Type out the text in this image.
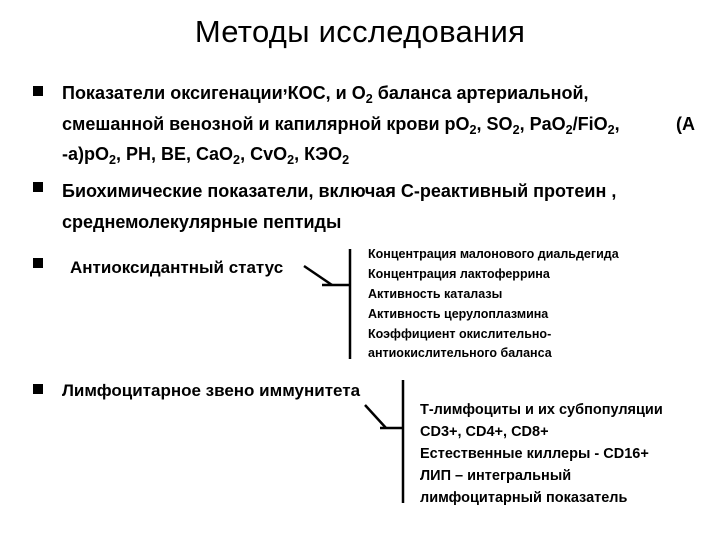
Методы исследования
Показатели оксигенации,КОС, и $О_2$ баланса артериальной,
смешанной венозной и капилярной крови $pO_2$, $SO_2$, PaO$_2$/FiO$_2$,	(A
$-a)pO_2$, PH, BE, CaO$_2$, CvO$_2$, $КЭО_2$
Биохимические показатели, включая С-реактивный протеин ,
среднемолекулярные пептиды
Антиоксидантный статус
Концентрация малонового диальдегида
Концентрация лактоферрина
Активность каталазы
Активность церулоплазмина
Коэффициент окислительно-
антиокислительного баланса
Лимфоцитарное звено иммунитета
Т-лимфоциты и их субпопуляции
CD3+, CD4+, CD8+
Естественные киллеры - CD16+
ЛИП – интегральный
лимфоцитарный показатель
